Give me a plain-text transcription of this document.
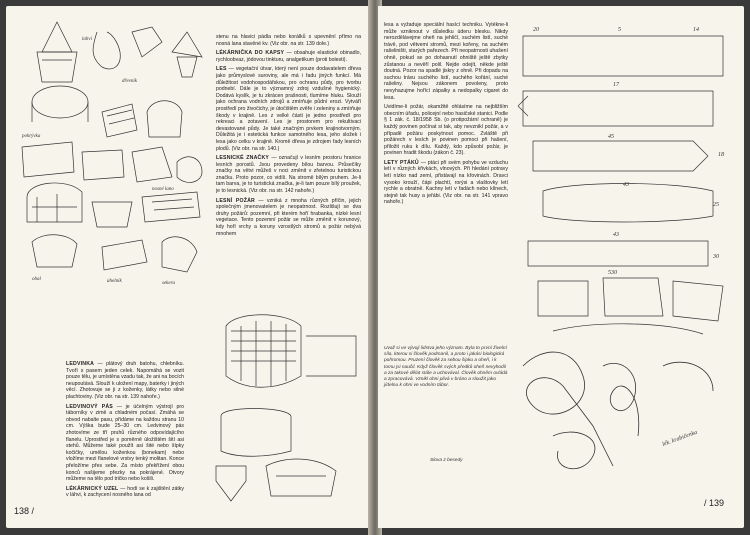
lahví
dřevník
pokrývka
nosné lano
obal	úhelník	sekera

stenu na hlavici pádla nebo korálků s upevnění přímo na nosná lana stavěné kv. (Viz obr. na str. 139 dole.)

LÉKÁRNIČKA DO KAPSY — obsahuje elastické obinadlo, rychloobvaz, jódovou tinkturu, analgetikum (proti bolesti).

LES — vegetační útvar, který není pouze dodavatelem dřeva jako průmyslové suroviny, ale má i řadu jiných funkcí. Má důležitost vodohospodářskou, pro ochranu půdy, pro tvorbu podnebí. Dále je to významný zdroj vzdušné hygienický. Dodává kyslík, je tu zkrácen prašnosti, tlumíme hluku. Slouží jako ochrana vodních zdrojů a zmírňuje půdní erozi. Vytváří prostředí pro živočichy, je útočištěm zvěře i zeleniny a zmírňuje škody v krajině. Les z velké části je jedno prostředí pro rekreaci a zotavení. Les je prostorem pro rekultivaci devastované půdy. Je také značným prvkem krajinotvorným. Důležitá je i estetická funkce samotného lesa, jeho složek i lesa jako celku v krajině. Kromě dřeva je zdrojem řady lesních plodů. (Viz obr. na str. 140.)

LESNICKÉ ZNAČKY — označují v lesním prostoru hranice lesních porostů. Jsou provedeny bílou barvou. Průsečíky značky na větvi můžeš v noci změnit v zřetelnou turistickou značku. Proto pozor, co vidíš. Na stromě bílým pruhem. Je-li tam barva, je to turistická značka, je-li tam pouze bílý proužek, je to lesnická. (Viz obr. na str. 142 nahoře.)

LESNÍ POŽÁR — vzniká z mnoha různých příčin, jejich společným jmenovatelem je neopatrnost. Rozlišují se dva druhy požárů: pozemní, při kterém hoří hrabanka, nízké lesní vegetace. Tento pozemní požár se může změnit v korunový, kdy hoří vrchy a koruny vzrostlých stromů a požár nebývá mnohem

LEDVINKA — plátový druh batohu, chlebníku. Tvoří s pasem jeden celek. Napomáhá se vozit pouze tělu, je umístěna vzadu tak, že ani na bocích neupoutává. Slouží k uložení mapy, baterky i jiných věcí. Zhotovuje se ji z koženky, látky nebo silné plachtoviny. (Viz obr. na str. 139 nahoře.)

LEDVINOVÝ PÁS — je účelným výstrojí pro táborníky v zimě a chladném počasí. Zmáhá se obvod nabalte pasu, přidáme na každou stranu 10 cm. Výška bude 25–30 cm. Ledvinový pás zhotovíme ze tří pruhů různého odpovídajícího flanelu. Uprostřed je s poměrně úložištěm šití asi stehů. Můžeme také použít asi šité nebo šípky kočičky, umělou koženkou (bonekam) nebo vložíme mezi flanelové vrstvy tenký molitan. Konce přeložíme přes sebe. Za místo překřížení obou konců našijeme přezky na pokrájené. Otvory můžeme na tělo pod tričko nebo košili.

LÉKÁRNICKÝ UZEL — hodí se k zajištění zátky v láhvi, k zachycení nosného lana od

138 /

lesa a vyžaduje speciální hasící techniku. Vytékne-li může vzniknout v důsledku úderu blesku. Nikdy nerozdělávejme oheň na jehličí, suchém listí, suché trávě, pod větvemi stromů, mezi kořeny, na suchém rašeliništi, starých pařezech. Při neopatrnosti uhašení ohně, pokud se po dohasnutí ohniště ještě zbytky zůstanou a nevěří polil. Nejde odejít, někde ještě doutná. Pozor na spadlé jiskry z ohně. Při dopadu na suchou trávu suchého listí, suchého kořání, suché rašeliny. Nejsou zákonem povoleny, proto nevyhazujme hořící zápalky a nedopalky cigaret do lesa.

Uvidíme-li požár, okamžitě ohlásíme na nejbližším obecním úřadu, policejní nebo hasičské stanici. Podle § 1 zák. č. 18/1958 Sb. (o protipožární ochraně) je každý povinen počínat si tak, aby nevznikl požár, a v případě požáru poskytnout pomoc. Zvláště při požárech v lesích je povinen pomoci při hašení, přiložit ruku k dílu. Každý, kdo způsobí požár, je povinen hradit škodu (zákon č. 23).

LETY PTÁKŮ — ptáci při svém pohybu ve vzduchu letí v různých křivkách, vlnových. Při hledání potravy letí nízko nad zemí, přistávají na křovinách. Dravci vysoko krouží, čápi plachtí, rorýsi a vlaštovky letí rychle a obratně. Kachny letí v řadách nebo klínech, stejně tak husy a jeřábi. (Viz obr. na str. 141 vpravo nahoře.)

20	5	14
17
45
18
43
25
43
30
530
Uvaž si ve vývoji lidstva jeho význam. Byla to první živelní síla, kterou si člověk podmanil, a proto i jakási biologická pohromou. Pruzení člověk za sebou šipku a oheň, i k tomu jsi naučil. Když člověk svých předků oheň nevyhodil a za takové dělat stále a uchovával. Člověk ohněm ovládá a zpracovává. Vznikl ohni plivá v bráno a sloužit jako jídelnu k ohni ve vodním tábor.
Slova z besedy
lék. krabičenka
/ 139
